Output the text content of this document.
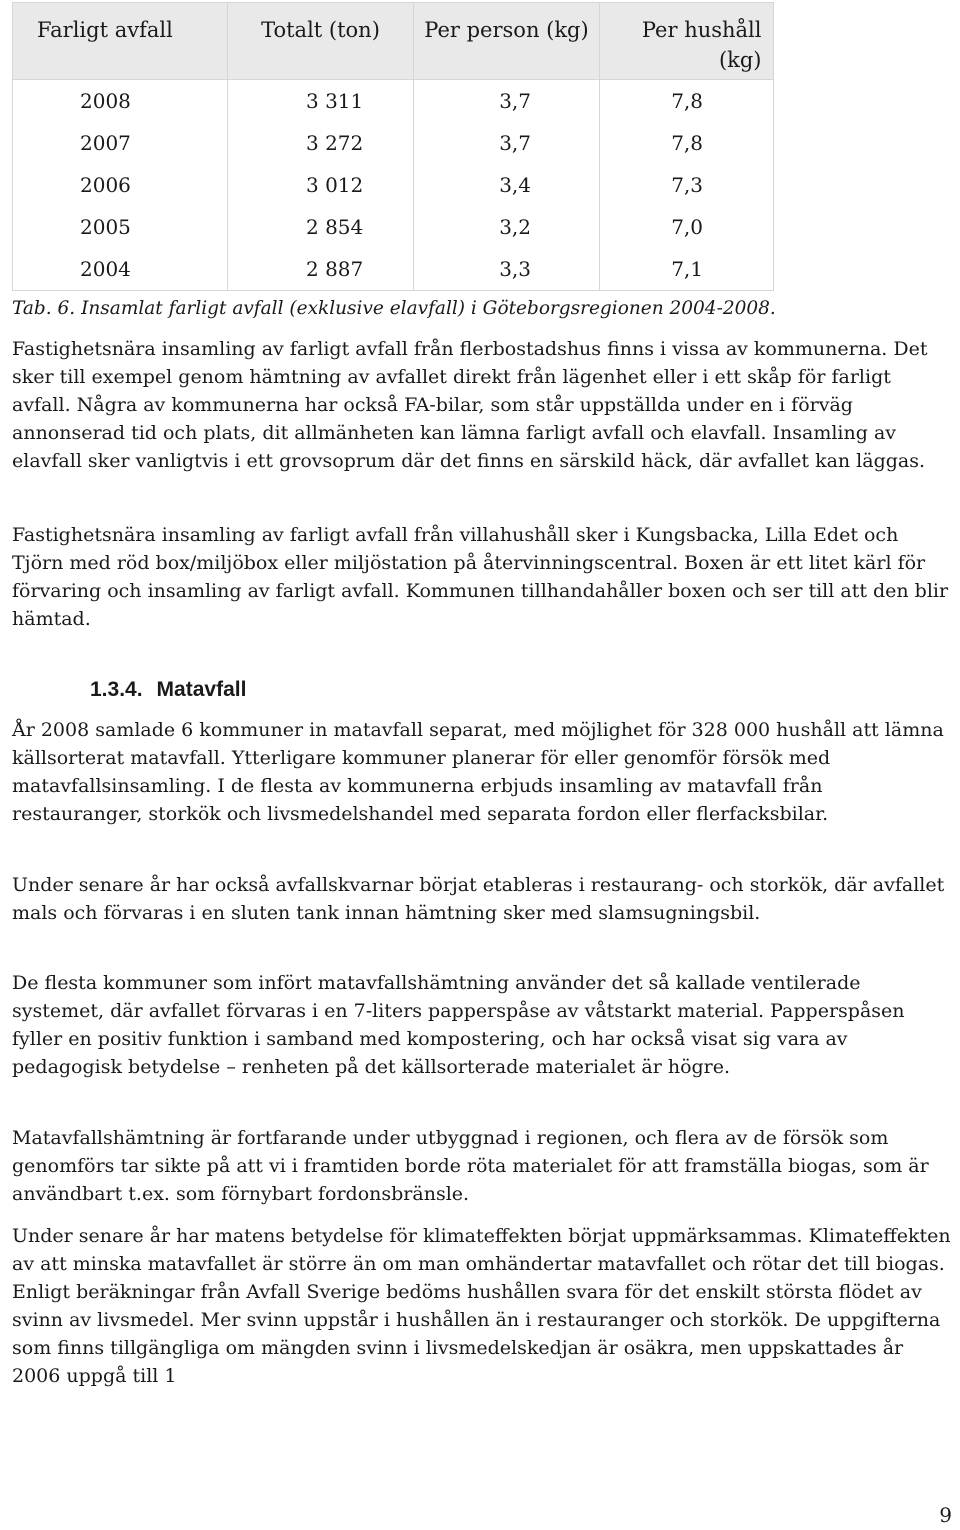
Farligt avfall	Totalt (ton)	Per person (kg)	Per hushåll (kg)
2008	3 311	3,7	7,8
2007	3 272	3,7	7,8
2006	3 012	3,4	7,3
2005	2 854	3,2	7,0
2004	2 887	3,3	7,1
Tab. 6. Insamlat farligt avfall (exklusive elavfall) i Göteborgsregionen 2004-2008.

Fastighetsnära insamling av farligt avfall från flerbostadshus finns i vissa av kommunerna. Det sker till exempel genom hämtning av avfallet direkt från lägenhet eller i ett skåp för farligt avfall. Några av kommunerna har också FA-bilar, som står uppställda under en i förväg annonserad tid och plats, dit allmänheten kan lämna farligt avfall och elavfall. Insamling av elavfall sker vanligtvis i ett grovsoprum där det finns en särskild häck, där avfallet kan läggas.

Fastighetsnära insamling av farligt avfall från villahushåll sker i Kungsbacka, Lilla Edet och Tjörn med röd box/miljöbox eller miljöstation på återvinningscentral. Boxen är ett litet kärl för förvaring och insamling av farligt avfall. Kommunen tillhandahåller boxen och ser till att den blir hämtad.

1.3.4. Matavfall

År 2008 samlade 6 kommuner in matavfall separat, med möjlighet för 328 000 hushåll att lämna källsorterat matavfall. Ytterligare kommuner planerar för eller genomför försök med matavfallsinsamling. I de flesta av kommunerna erbjuds insamling av matavfall från restauranger, storkök och livsmedelshandel med separata fordon eller flerfacksbilar.

Under senare år har också avfallskvarnar börjat etableras i restaurang- och storkök, där avfallet mals och förvaras i en sluten tank innan hämtning sker med slamsugningsbil.

De flesta kommuner som infört matavfallshämtning använder det så kallade ventilerade systemet, där avfallet förvaras i en 7-liters papperspåse av våtstarkt material. Papperspåsen fyller en positiv funktion i samband med kompostering, och har också visat sig vara av pedagogisk betydelse – renheten på det källsorterade materialet är högre.

Matavfallshämtning är fortfarande under utbyggnad i regionen, och flera av de försök som genomförs tar sikte på att vi i framtiden borde röta materialet för att framställa biogas, som är användbart t.ex. som förnybart fordonsbränsle.

Under senare år har matens betydelse för klimateffekten börjat uppmärksammas. Klimateffekten av att minska matavfallet är större än om man omhändertar matavfallet och rötar det till biogas. Enligt beräkningar från Avfall Sverige bedöms hushållen svara för det enskilt största flödet av svinn av livsmedel. Mer svinn uppstår i hushållen än i restauranger och storkök. De uppgifterna som finns tillgängliga om mängden svinn i livsmedelskedjan är osäkra, men uppskattades år 2006 uppgå till 1

9
